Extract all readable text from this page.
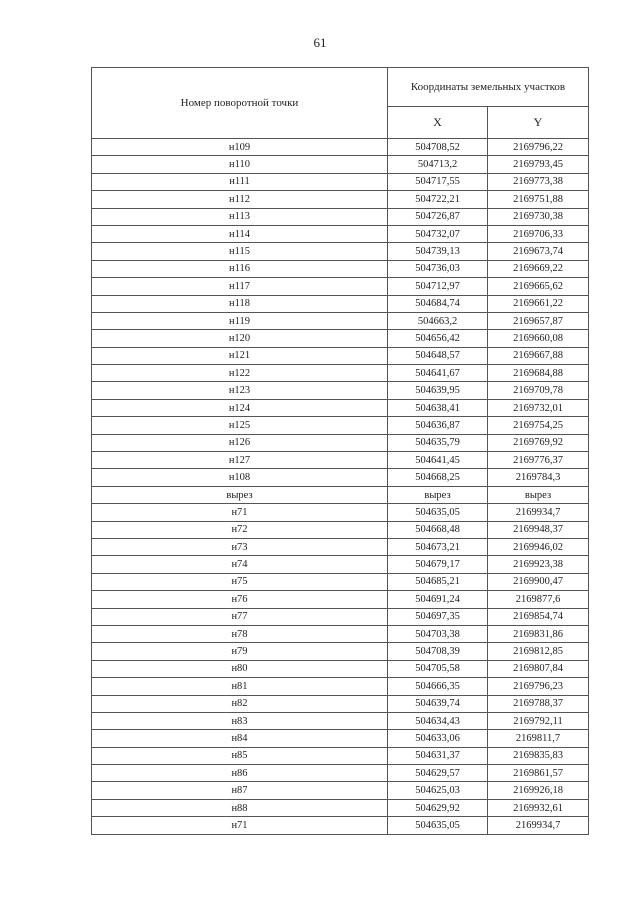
61
Номер поворотной точки	Координаты земельных участков	
	X	Y
н109	504708,52	2169796,22
н110	504713,2	2169793,45
н111	504717,55	2169773,38
н112	504722,21	2169751,88
н113	504726,87	2169730,38
н114	504732,07	2169706,33
н115	504739,13	2169673,74
н116	504736,03	2169669,22
н117	504712,97	2169665,62
н118	504684,74	2169661,22
н119	504663,2	2169657,87
н120	504656,42	2169660,08
н121	504648,57	2169667,88
н122	504641,67	2169684,88
н123	504639,95	2169709,78
н124	504638,41	2169732,01
н125	504636,87	2169754,25
н126	504635,79	2169769,92
н127	504641,45	2169776,37
н108	504668,25	2169784,3
вырез	вырез	вырез
н71	504635,05	2169934,7
н72	504668,48	2169948,37
н73	504673,21	2169946,02
н74	504679,17	2169923,38
н75	504685,21	2169900,47
н76	504691,24	2169877,6
н77	504697,35	2169854,74
н78	504703,38	2169831,86
н79	504708,39	2169812,85
н80	504705,58	2169807,84
н81	504666,35	2169796,23
н82	504639,74	2169788,37
н83	504634,43	2169792,11
н84	504633,06	2169811,7
н85	504631,37	2169835,83
н86	504629,57	2169861,57
н87	504625,03	2169926,18
н88	504629,92	2169932,61
н71	504635,05	2169934,7
